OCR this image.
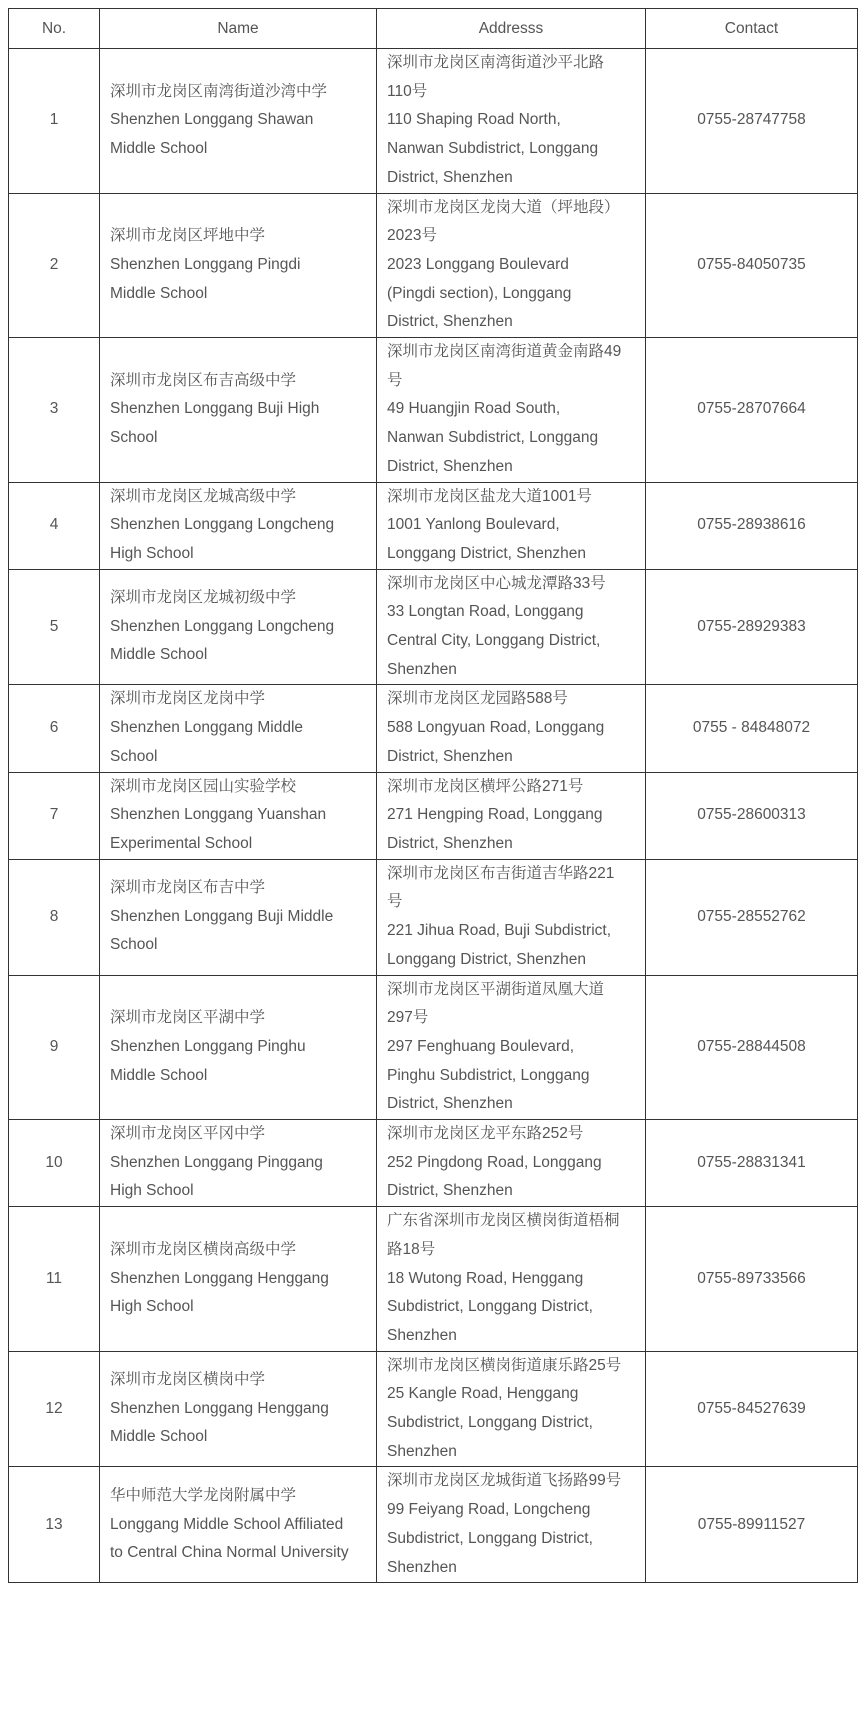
No.	Name	Addresss	Contact
1	深圳市龙岗区南湾街道沙湾中学
Shenzhen Longgang Shawan
Middle School	深圳市龙岗区南湾街道沙平北路
110号
110 Shaping Road North,
Nanwan Subdistrict, Longgang
District, Shenzhen	0755-28747758
2	深圳市龙岗区坪地中学
Shenzhen Longgang Pingdi
Middle School	深圳市龙岗区龙岗大道（坪地段）
2023号
2023 Longgang Boulevard
(Pingdi section), Longgang
District, Shenzhen	0755-84050735
3	深圳市龙岗区布吉高级中学
Shenzhen Longgang Buji High
School	深圳市龙岗区南湾街道黄金南路49
号
49 Huangjin Road South,
Nanwan Subdistrict, Longgang
District, Shenzhen	0755-28707664
4	深圳市龙岗区龙城高级中学
Shenzhen Longgang Longcheng
High School	深圳市龙岗区盐龙大道1001号
1001 Yanlong Boulevard,
Longgang District, Shenzhen	0755-28938616
5	深圳市龙岗区龙城初级中学
Shenzhen Longgang Longcheng
Middle School	深圳市龙岗区中心城龙潭路33号
33 Longtan Road, Longgang
Central City, Longgang District,
Shenzhen	0755-28929383
6	深圳市龙岗区龙岗中学
Shenzhen Longgang Middle
School	深圳市龙岗区龙园路588号
588 Longyuan Road, Longgang
District, Shenzhen	0755 - 84848072
7	深圳市龙岗区园山实验学校
Shenzhen Longgang Yuanshan
Experimental School	深圳市龙岗区横坪公路271号
271 Hengping Road, Longgang
District, Shenzhen	0755-28600313
8	深圳市龙岗区布吉中学
Shenzhen Longgang Buji Middle
School	深圳市龙岗区布吉街道吉华路221
号
221 Jihua Road, Buji Subdistrict,
Longgang District, Shenzhen	0755-28552762
9	深圳市龙岗区平湖中学
Shenzhen Longgang Pinghu
Middle School	深圳市龙岗区平湖街道凤凰大道
297号
297 Fenghuang Boulevard,
Pinghu Subdistrict, Longgang
District, Shenzhen	0755-28844508
10	深圳市龙岗区平冈中学
Shenzhen Longgang Pinggang
High School	深圳市龙岗区龙平东路252号
252 Pingdong Road, Longgang
District, Shenzhen	0755-28831341
11	深圳市龙岗区横岗高级中学
Shenzhen Longgang Henggang
High School	广东省深圳市龙岗区横岗街道梧桐
路18号
18 Wutong Road, Henggang
Subdistrict, Longgang District,
Shenzhen	0755-89733566
12	深圳市龙岗区横岗中学
Shenzhen Longgang Henggang
Middle School	深圳市龙岗区横岗街道康乐路25号
25 Kangle Road, Henggang
Subdistrict, Longgang District,
Shenzhen	0755-84527639
13	华中师范大学龙岗附属中学
Longgang Middle School Affiliated
to Central China Normal University	深圳市龙岗区龙城街道飞扬路99号
99 Feiyang Road, Longcheng
Subdistrict, Longgang District,
Shenzhen	0755-89911527
